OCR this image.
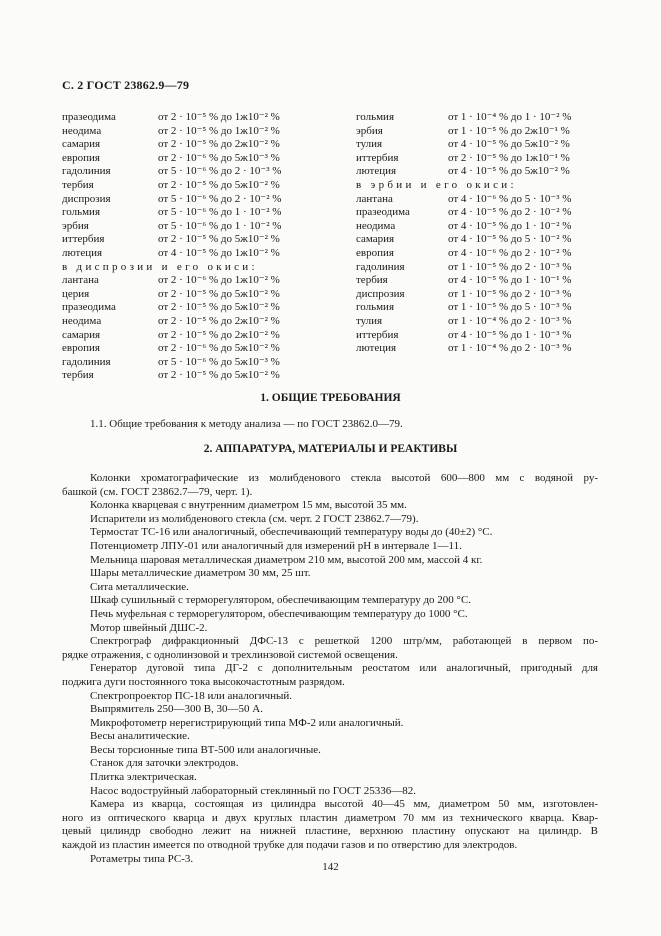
С. 2 ГОСТ 23862.9—79
празеодима	от 2 · 10⁻⁵ % до 1ж10⁻² %
неодима	от 2 · 10⁻⁵ % до 1ж10⁻² %
самария	от 2 · 10⁻⁵ % до 2ж10⁻² %
европия	от 2 · 10⁻⁶ % до 5ж10⁻³ %
гадолиния	от 5 · 10⁻⁶ % до 2 · 10⁻³ %
тербия	от 2 · 10⁻⁵ % до 5ж10⁻² %
диспрозия	от 5 · 10⁻⁶ % до 2 · 10⁻² %
гольмия	от 5 · 10⁻⁶ % до 1 · 10⁻² %
эрбия	от 5 · 10⁻⁶ % до 1 · 10⁻² %
иттербия	от 2 · 10⁻⁵ % до 5ж10⁻² %
лютеция	от 4 · 10⁻⁵ % до 1ж10⁻² %
в диспрозии и его окиси:
лантана	от 2 · 10⁻⁶ % до 1ж10⁻² %
церия	от 2 · 10⁻⁵ % до 5ж10⁻² %
празеодима	от 2 · 10⁻⁵ % до 5ж10⁻² %
неодима	от 2 · 10⁻⁵ % до 2ж10⁻² %
самария	от 2 · 10⁻⁵ % до 2ж10⁻² %
европия	от 2 · 10⁻⁶ % до 5ж10⁻² %
гадолиния	от 5 · 10⁻⁶ % до 5ж10⁻³ %
тербия	от 2 · 10⁻⁵ % до 5ж10⁻² %
гольмия	от 1 · 10⁻⁴ % до 1 · 10⁻² %
эрбия	от 1 · 10⁻⁵ % до 2ж10⁻¹ %
тулия	от 4 · 10⁻⁵ % до 5ж10⁻² %
иттербия	от 2 · 10⁻⁵ % до 1ж10⁻¹ %
лютеция	от 4 · 10⁻⁵ % до 5ж10⁻² %
в эрбии и его окиси:
лантана	от 4 · 10⁻⁶ % до 5 · 10⁻³ %
празеодима	от 4 · 10⁻⁵ % до 2 · 10⁻² %
неодима	от 4 · 10⁻⁵ % до 1 · 10⁻² %
самария	от 4 · 10⁻⁵ % до 5 · 10⁻² %
европия	от 4 · 10⁻⁶ % до 2 · 10⁻² %
гадолиния	от 1 · 10⁻⁵ % до 2 · 10⁻³ %
тербия	от 4 · 10⁻⁵ % до 1 · 10⁻¹ %
диспрозия	от 1 · 10⁻⁵ % до 2 · 10⁻³ %
гольмия	от 1 · 10⁻⁵ % до 5 · 10⁻³ %
тулия	от 1 · 10⁻⁴ % до 2 · 10⁻³ %
иттербия	от 4 · 10⁻⁵ % до 1 · 10⁻³ %
лютеция	от 1 · 10⁻⁴ % до 2 · 10⁻³ %
1. ОБЩИЕ ТРЕБОВАНИЯ
1.1. Общие требования к методу анализа — по ГОСТ 23862.0—79.
2. АППАРАТУРА, МАТЕРИАЛЫ И РЕАКТИВЫ
Колонки хроматографические из молибденового стекла высотой 600—800 мм с водяной ру-
башкой (см. ГОСТ 23862.7—79, черт. 1).
Колонка кварцевая с внутренним диаметром 15 мм, высотой 35 мм.
Испарители из молибденового стекла (см. черт. 2 ГОСТ 23862.7—79).
Термостат ТС-16 или аналогичный, обеспечивающий температуру воды до (40±2) °С.
Потенциометр ЛПУ-01 или аналогичный для измерений pH в интервале 1—11.
Мельница шаровая металлическая диаметром 210 мм, высотой 200 мм, массой 4 кг.
Шары металлические диаметром 30 мм, 25 шт.
Сита металлические.
Шкаф сушильный с терморегулятором, обеспечивающим температуру до 200 °С.
Печь муфельная с терморегулятором, обеспечивающим температуру до 1000 °С.
Мотор швейный ДШС-2.
Спектрограф дифракционный ДФС-13 с решеткой 1200 штр/мм, работающей в первом по-
рядке отражения, с однолинзовой и трехлинзовой системой освещения.
Генератор дуговой типа ДГ-2 с дополнительным реостатом или аналогичный, пригодный для
поджига дуги постоянного тока высокочастотным разрядом.
Спектропроектор ПС-18 или аналогичный.
Выпрямитель 250—300 В, 30—50 А.
Микрофотометр нерегистрирующий типа МФ-2 или аналогичный.
Весы аналитические.
Весы торсионные типа ВТ-500 или аналогичные.
Станок для заточки электродов.
Плитка электрическая.
Насос водоструйный лабораторный стеклянный по ГОСТ 25336—82.
Камера из кварца, состоящая из цилиндра высотой 40—45 мм, диаметром 50 мм, изготовлен-
ного из оптического кварца и двух круглых пластин диаметром 70 мм из технического кварца. Квар-
цевый цилиндр свободно лежит на нижней пластине, верхнюю пластину опускают на цилиндр. В
каждой из пластин имеется по отводной трубке для подачи газов и по отверстию для электродов.
Ротаметры типа РС-3.
142
